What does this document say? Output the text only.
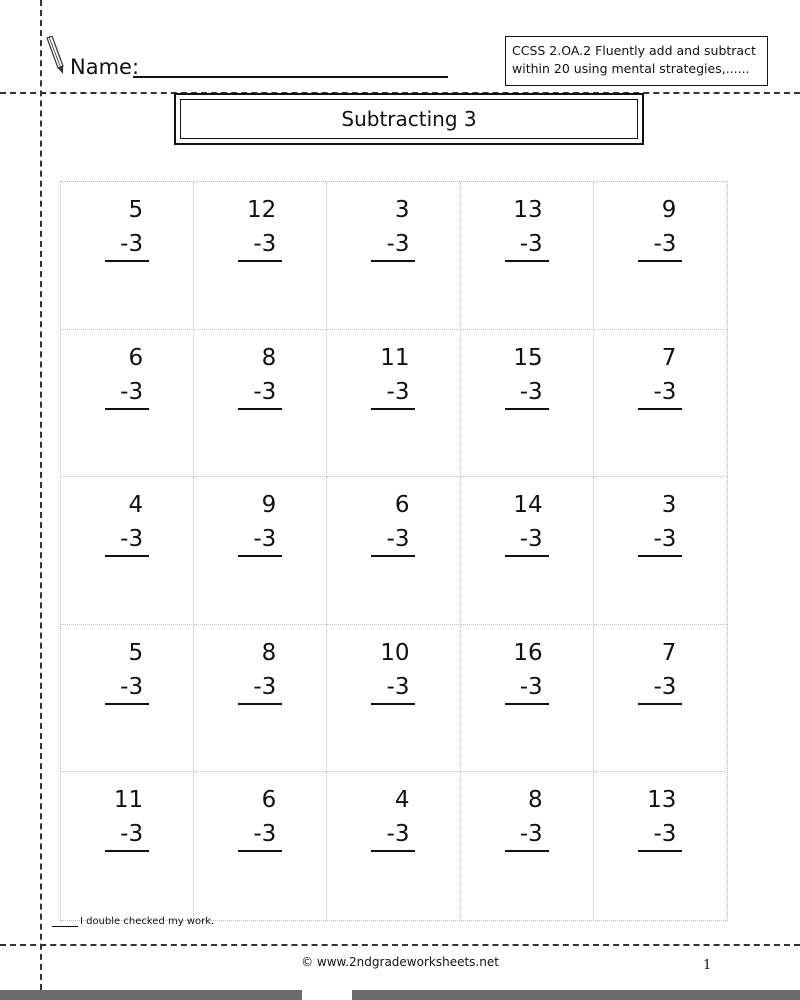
Name:
CCSS 2.OA.2 Fluently add and subtract
within 20 using mental strategies,......
Subtracting 3
5
-3
12
-3
3
-3
13
-3
9
-3
6
-3
8
-3
11
-3
15
-3
7
-3
4
-3
9
-3
6
-3
14
-3
3
-3
5
-3
8
-3
10
-3
16
-3
7
-3
11
-3
6
-3
4
-3
8
-3
13
-3
I double checked my work.
© www.2ndgradeworksheets.net	1
